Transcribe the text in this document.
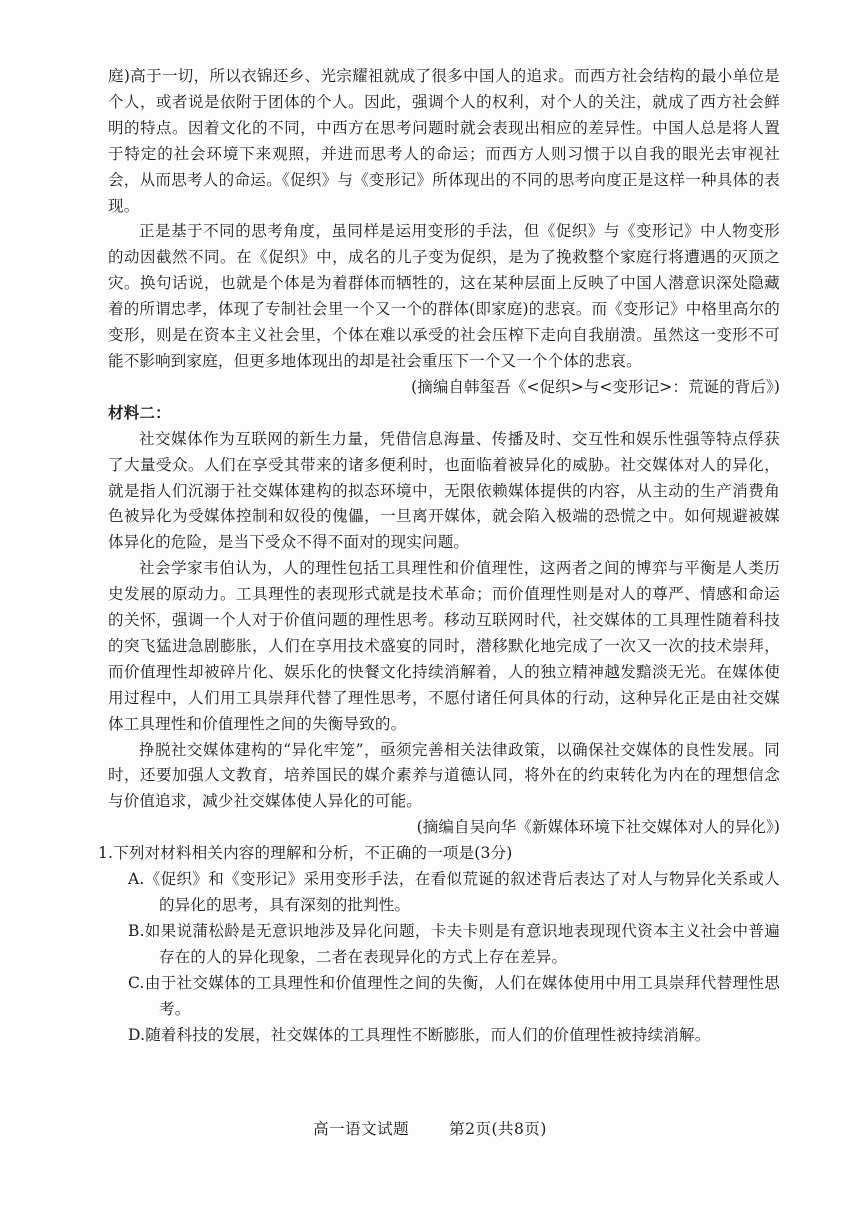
庭)高于一切，所以衣锦还乡、光宗耀祖就成了很多中国人的追求。而西方社会结构的最小单位是个人，或者说是依附于团体的个人。因此，强调个人的权利，对个人的关注，就成了西方社会鲜明的特点。因着文化的不同，中西方在思考问题时就会表现出相应的差异性。中国人总是将人置于特定的社会环境下来观照，并进而思考人的命运；而西方人则习惯于以自我的眼光去审视社会，从而思考人的命运。《促织》与《变形记》所体现出的不同的思考向度正是这样一种具体的表现。

正是基于不同的思考角度，虽同样是运用变形的手法，但《促织》与《变形记》中人物变形的动因截然不同。在《促织》中，成名的儿子变为促织，是为了挽救整个家庭行将遭遇的灭顶之灾。换句话说，也就是个体是为着群体而牺牲的，这在某种层面上反映了中国人潜意识深处隐藏着的所谓忠孝，体现了专制社会里一个又一个的群体(即家庭)的悲哀。而《变形记》中格里高尔的变形，则是在资本主义社会里，个体在难以承受的社会压榨下走向自我崩溃。虽然这一变形不可能不影响到家庭，但更多地体现出的却是社会重压下一个又一个个体的悲哀。

(摘编自韩玺吾《<促织>与<变形记>：荒诞的背后》)

材料二：

社交媒体作为互联网的新生力量，凭借信息海量、传播及时、交互性和娱乐性强等特点俘获了大量受众。人们在享受其带来的诸多便利时，也面临着被异化的威胁。社交媒体对人的异化，就是指人们沉溺于社交媒体建构的拟态环境中，无限依赖媒体提供的内容，从主动的生产消费角色被异化为受媒体控制和奴役的傀儡，一旦离开媒体，就会陷入极端的恐慌之中。如何规避被媒体异化的危险，是当下受众不得不面对的现实问题。

社会学家韦伯认为，人的理性包括工具理性和价值理性，这两者之间的博弈与平衡是人类历史发展的原动力。工具理性的表现形式就是技术革命；而价值理性则是对人的尊严、情感和命运的关怀，强调一个人对于价值问题的理性思考。移动互联网时代，社交媒体的工具理性随着科技的突飞猛进急剧膨胀，人们在享用技术盛宴的同时，潜移默化地完成了一次又一次的技术崇拜，而价值理性却被碎片化、娱乐化的快餐文化持续消解着，人的独立精神越发黯淡无光。在媒体使用过程中，人们用工具崇拜代替了理性思考，不愿付诸任何具体的行动，这种异化正是由社交媒体工具理性和价值理性之间的失衡导致的。

挣脱社交媒体建构的“异化牢笼”，亟须完善相关法律政策，以确保社交媒体的良性发展。同时，还要加强人文教育，培养国民的媒介素养与道德认同，将外在的约束转化为内在的理想信念与价值追求，减少社交媒体使人异化的可能。

(摘编自吴向华《新媒体环境下社交媒体对人的异化》)

1.下列对材料相关内容的理解和分析，不正确的一项是(3分)

A.《促织》和《变形记》采用变形手法，在看似荒诞的叙述背后表达了对人与物异化关系或人的异化的思考，具有深刻的批判性。

B.如果说蒲松龄是无意识地涉及异化问题，卡夫卡则是有意识地表现现代资本主义社会中普遍存在的人的异化现象，二者在表现异化的方式上存在差异。

C.由于社交媒体的工具理性和价值理性之间的失衡，人们在媒体使用中用工具崇拜代替理性思考。

D.随着科技的发展，社交媒体的工具理性不断膨胀，而人们的价值理性被持续消解。

高一语文试题	第2页(共8页)
